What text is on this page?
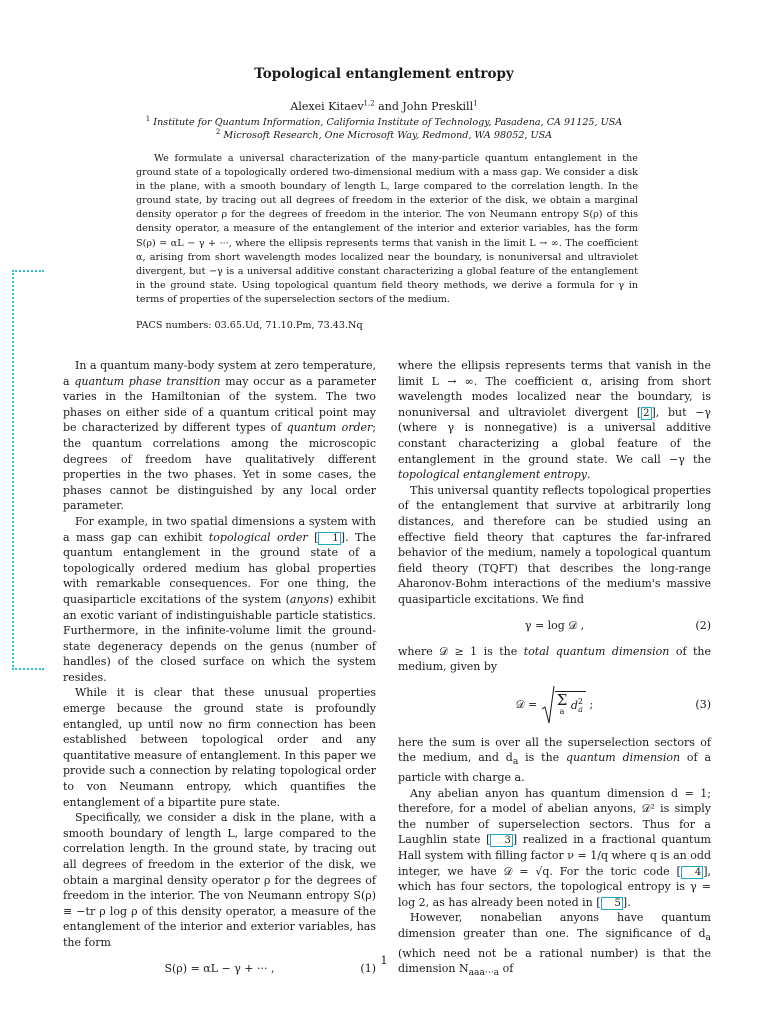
Topological entanglement entropy
Alexei Kitaev$^{1,2}$ and John Preskill$^1$
$^1$ Institute for Quantum Information, California Institute of Technology, Pasadena, CA 91125, USA
$^2$ Microsoft Research, One Microsoft Way, Redmond, WA 98052, USA

We formulate a universal characterization of the many-particle quantum entanglement in the ground state of a topologically ordered two-dimensional medium with a mass gap. We consider a disk in the plane, with a smooth boundary of length L, large compared to the correlation length. In the ground state, by tracing out all degrees of freedom in the exterior of the disk, we obtain a marginal density operator ρ for the degrees of freedom in the interior. The von Neumann entropy S(ρ) of this density operator, a measure of the entanglement of the interior and exterior variables, has the form S(ρ) = αL − γ + ···, where the ellipsis represents terms that vanish in the limit L → ∞. The coefficient α, arising from short wavelength modes localized near the boundary, is nonuniversal and ultraviolet divergent, but −γ is a universal additive constant characterizing a global feature of the entanglement in the ground state. Using topological quantum field theory methods, we derive a formula for γ in terms of properties of the superselection sectors of the medium.

PACS numbers: 03.65.Ud, 71.10.Pm, 73.43.Nq

In a quantum many-body system at zero temperature, a quantum phase transition may occur as a parameter varies in the Hamiltonian of the system. The two phases on either side of a quantum critical point may be characterized by different types of quantum order; the quantum correlations among the microscopic degrees of freedom have qualitatively different properties in the two phases. Yet in some cases, the phases cannot be distinguished by any local order parameter.

For example, in two spatial dimensions a system with a mass gap can exhibit topological order [ 1 ]. The quantum entanglement in the ground state of a topologically ordered medium has global properties with remarkable consequences. For one thing, the quasiparticle excitations of the system (anyons) exhibit an exotic variant of indistinguishable particle statistics. Furthermore, in the infinite-volume limit the ground-state degeneracy depends on the genus (number of handles) of the closed surface on which the system resides.

While it is clear that these unusual properties emerge because the ground state is profoundly entangled, up until now no firm connection has been established between topological order and any quantitative measure of entanglement. In this paper we provide such a connection by relating topological order to von Neumann entropy, which quantifies the entanglement of a bipartite pure state.

Specifically, we consider a disk in the plane, with a smooth boundary of length L, large compared to the correlation length. In the ground state, by tracing out all degrees of freedom in the exterior of the disk, we obtain a marginal density operator ρ for the degrees of freedom in the interior. The von Neumann entropy S(ρ) ≡ −tr ρ log ρ of this density operator, a measure of the entanglement of the interior and exterior variables, has the form

S(ρ) = αL − γ + ··· ,	(1)

where the ellipsis represents terms that vanish in the limit L → ∞. The coefficient α, arising from short wavelength modes localized near the boundary, is nonuniversal and ultraviolet divergent [ 2 ], but −γ (where γ is nonnegative) is a universal additive constant characterizing a global feature of the entanglement in the ground state. We call −γ the topological entanglement entropy.

This universal quantity reflects topological properties of the entanglement that survive at arbitrarily long distances, and therefore can be studied using an effective field theory that captures the far-infrared behavior of the medium, namely a topological quantum field theory (TQFT) that describes the long-range Aharonov-Bohm interactions of the medium's massive quasiparticle excitations. We find

γ = log 𝒟 ,	(2)

where 𝒟 ≥ 1 is the total quantum dimension of the medium, given by

𝒟 = Σ
a d 2
a ;	(3)

here the sum is over all the superselection sectors of the medium, and $d_a$ is the quantum dimension of a particle with charge a.

Any abelian anyon has quantum dimension d = 1; therefore, for a model of abelian anyons, 𝒟² is simply the number of superselection sectors. Thus for a Laughlin state [ 3 ] realized in a fractional quantum Hall system with filling factor ν = 1/q where q is an odd integer, we have 𝒟 = √q. For the toric code [ 4 ], which has four sectors, the topological entropy is γ = log 2, as has already been noted in [ 5 ].

However, nonabelian anyons have quantum dimension greater than one. The significance of $d_a$ (which need not be a rational number) is that the dimension $N_{aaa\cdot\cdot\cdot a}$ of

1
